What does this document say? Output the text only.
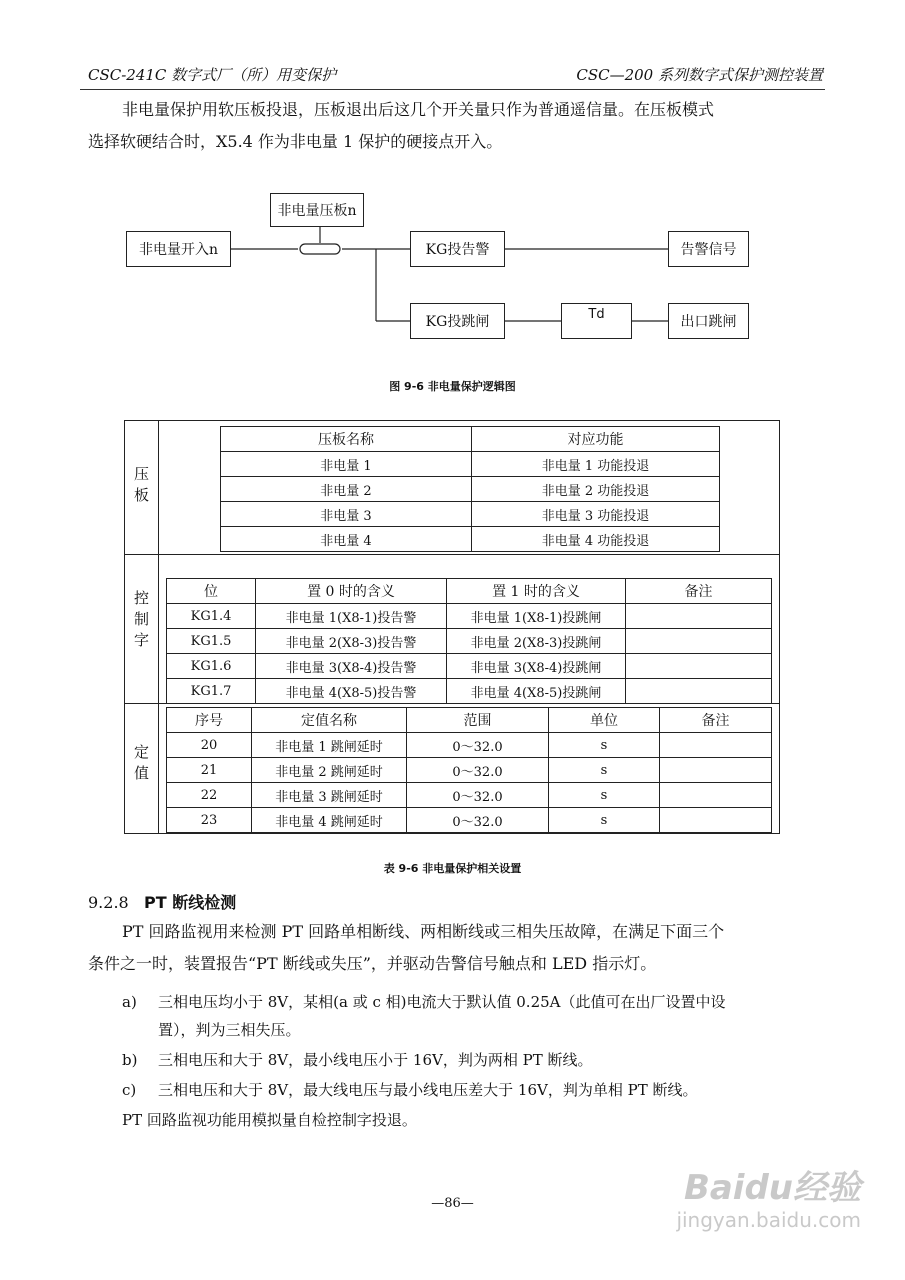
CSC-241C 数字式厂（所）用变保护	CSC—200 系列数字式保护测控装置
非电量保护用软压板投退，压板退出后这几个开关量只作为普通遥信量。在压板模式
选择软硬结合时，X5.4 作为非电量 1 保护的硬接点开入。
非电量开入n
非电量压板n
KG投告警	告警信号
KG投跳闸	Td	出口跳闸
图 9-6 非电量保护逻辑图
压板
控制字
定值
压板名称	对应功能
非电量 1	非电量 1 功能投退
非电量 2	非电量 2 功能投退
非电量 3	非电量 3 功能投退
非电量 4	非电量 4 功能投退
位	置 0 时的含义	置 1 时的含义	备注
KG1.4	非电量 1(X8-1)投告警	非电量 1(X8-1)投跳闸	
KG1.5	非电量 2(X8-3)投告警	非电量 2(X8-3)投跳闸	
KG1.6	非电量 3(X8-4)投告警	非电量 3(X8-4)投跳闸	
KG1.7	非电量 4(X8-5)投告警	非电量 4(X8-5)投跳闸	
序号	定值名称	范围	单位	备注
20	非电量 1 跳闸延时	0～32.0	s	
21	非电量 2 跳闸延时	0～32.0	s	
22	非电量 3 跳闸延时	0～32.0	s	
23	非电量 4 跳闸延时	0～32.0	s	
表 9-6 非电量保护相关设置
9.2.8 PT 断线检测
PT 回路监视用来检测 PT 回路单相断线、两相断线或三相失压故障，在满足下面三个
条件之一时，装置报告“PT 断线或失压”，并驱动告警信号触点和 LED 指示灯。
a) 三相电压均小于 8V，某相(a 或 c 相)电流大于默认值 0.25A（此值可在出厂设置中设
置），判为三相失压。
b) 三相电压和大于 8V，最小线电压小于 16V，判为两相 PT 断线。
c) 三相电压和大于 8V，最大线电压与最小线电压差大于 16V，判为单相 PT 断线。
PT 回路监视功能用模拟量自检控制字投退。
—86—	Baidu经验
jingyan.baidu.com
